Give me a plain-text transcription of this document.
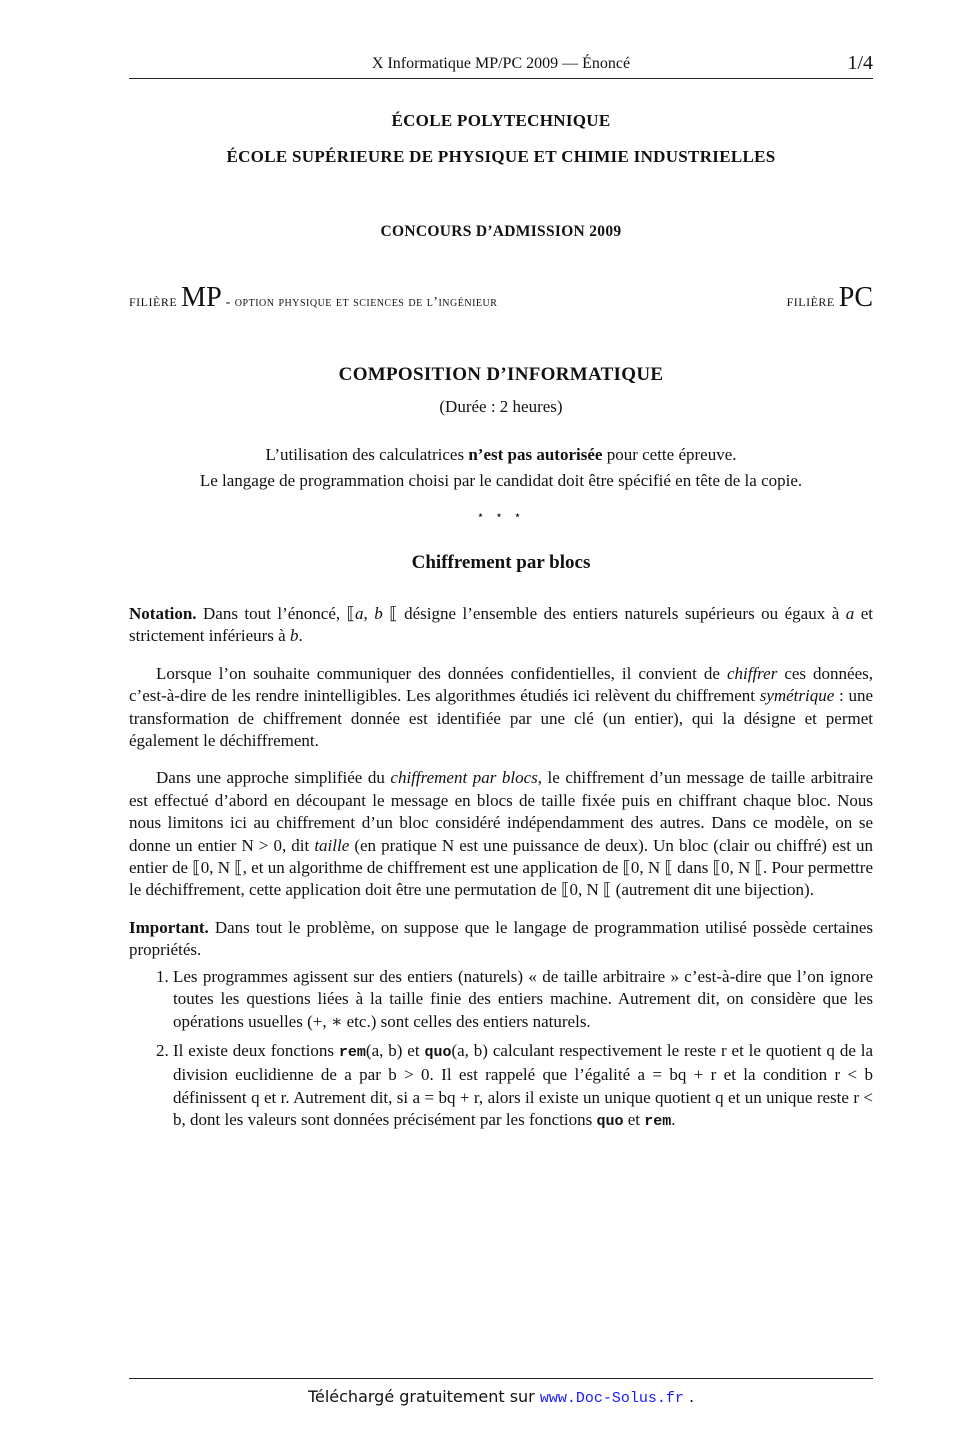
X Informatique MP/PC 2009 — Énoncé	1/4
ÉCOLE POLYTECHNIQUE
ÉCOLE SUPÉRIEURE DE PHYSIQUE ET CHIMIE INDUSTRIELLES
CONCOURS D’ADMISSION 2009
filière MP - option physique et sciences de l’ingénieur	filière PC
COMPOSITION D’INFORMATIQUE
(Durée : 2 heures)
L’utilisation des calculatrices n’est pas autorisée pour cette épreuve.
Le langage de programmation choisi par le candidat doit être spécifié en tête de la copie.
⋆ ⋆ ⋆
Chiffrement par blocs

Notation. Dans tout l’énoncé, ⟦a, b ⟦ désigne l’ensemble des entiers naturels supérieurs ou égaux à a et strictement inférieurs à b.

Lorsque l’on souhaite communiquer des données confidentielles, il convient de chiffrer ces données, c’est-à-dire de les rendre inintelligibles. Les algorithmes étudiés ici relèvent du chiffrement symétrique : une transformation de chiffrement donnée est identifiée par une clé (un entier), qui la désigne et permet également le déchiffrement.

Dans une approche simplifiée du chiffrement par blocs, le chiffrement d’un message de taille arbitraire est effectué d’abord en découpant le message en blocs de taille fixée puis en chiffrant chaque bloc. Nous nous limitons ici au chiffrement d’un bloc considéré indépendamment des autres. Dans ce modèle, on se donne un entier N > 0, dit taille (en pratique N est une puissance de deux). Un bloc (clair ou chiffré) est un entier de ⟦0, N ⟦, et un algorithme de chiffrement est une application de ⟦0, N ⟦ dans ⟦0, N ⟦. Pour permettre le déchiffrement, cette application doit être une permutation de ⟦0, N ⟦ (autrement dit une bijection).

Important. Dans tout le problème, on suppose que le langage de programmation utilisé possède certaines propriétés.

1. Les programmes agissent sur des entiers (naturels) « de taille arbitraire » c’est-à-dire que l’on ignore toutes les questions liées à la taille finie des entiers machine. Autrement dit, on considère que les opérations usuelles (+, ∗ etc.) sont celles des entiers naturels.
2. Il existe deux fonctions rem(a, b) et quo(a, b) calculant respectivement le reste r et le quotient q de la division euclidienne de a par b > 0. Il est rappelé que l’égalité a = bq + r et la condition r < b définissent q et r. Autrement dit, si a = bq + r, alors il existe un unique quotient q et un unique reste r < b, dont les valeurs sont données précisément par les fonctions quo et rem.
Téléchargé gratuitement sur www.Doc-Solus.fr .
